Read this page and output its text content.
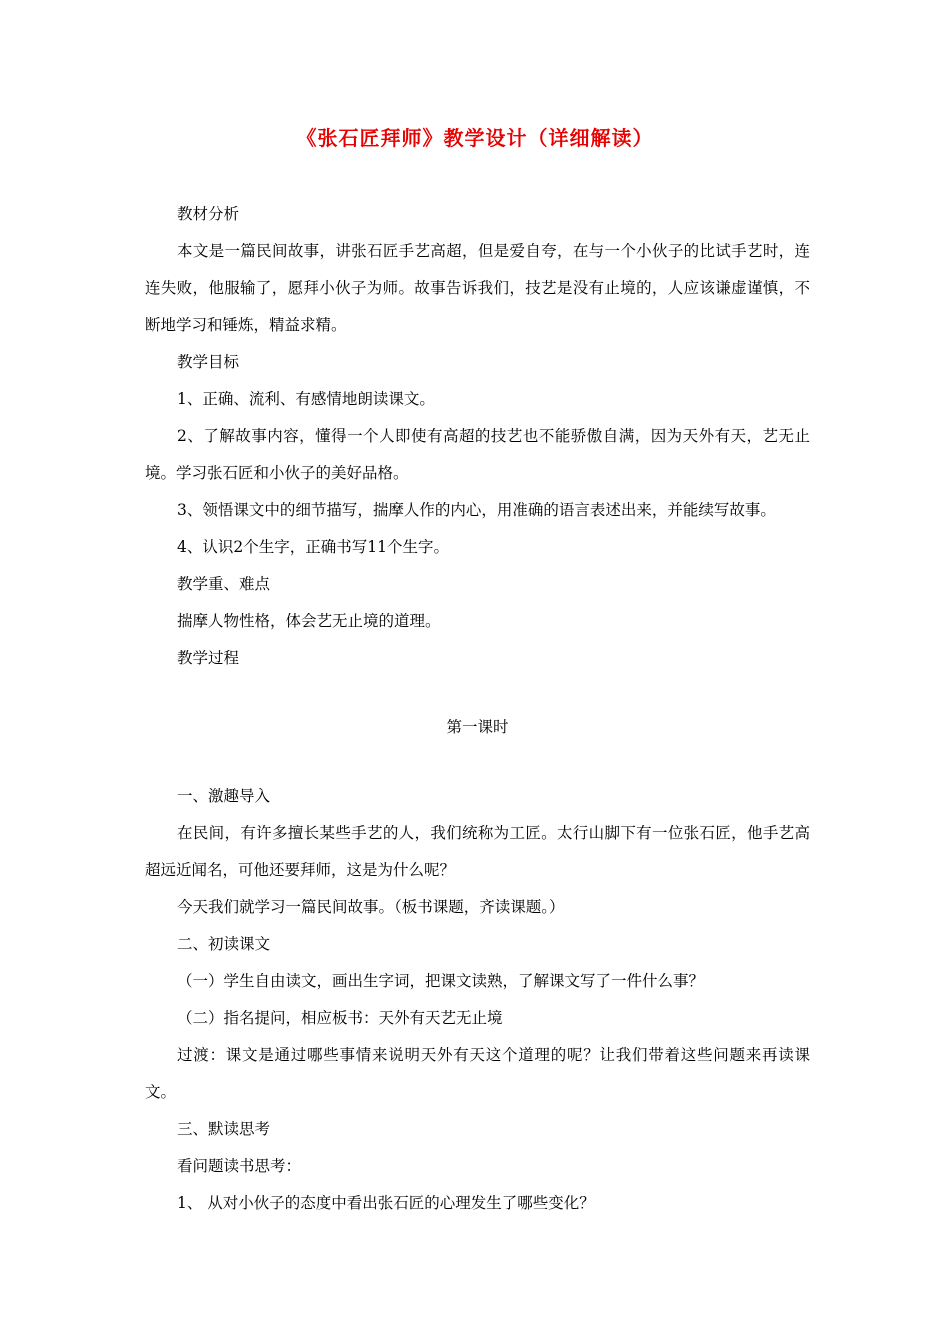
《张石匠拜师》教学设计（详细解读）

教材分析

本文是一篇民间故事，讲张石匠手艺高超，但是爱自夸，在与一个小伙子的比试手艺时，连连失败，他服输了，愿拜小伙子为师。故事告诉我们，技艺是没有止境的，人应该谦虚谨慎，不断地学习和锤炼，精益求精。

教学目标

1、正确、流利、有感情地朗读课文。

2、了解故事内容，懂得一个人即使有高超的技艺也不能骄傲自满，因为天外有天，艺无止境。学习张石匠和小伙子的美好品格。

3、领悟课文中的细节描写，揣摩人作的内心，用准确的语言表述出来，并能续写故事。

4、认识2个生字，正确书写11个生字。

教学重、难点

揣摩人物性格，体会艺无止境的道理。

教学过程

第一课时

一、激趣导入

在民间，有许多擅长某些手艺的人，我们统称为工匠。太行山脚下有一位张石匠，他手艺高超远近闻名，可他还要拜师，这是为什么呢？

今天我们就学习一篇民间故事。（板书课题，齐读课题。）

二、初读课文

（一）学生自由读文，画出生字词，把课文读熟，了解课文写了一件什么事？

（二）指名提问，相应板书：天外有天艺无止境

过渡：课文是通过哪些事情来说明天外有天这个道理的呢？让我们带着这些问题来再读课文。

三、默读思考

看问题读书思考：

1、 从对小伙子的态度中看出张石匠的心理发生了哪些变化？
